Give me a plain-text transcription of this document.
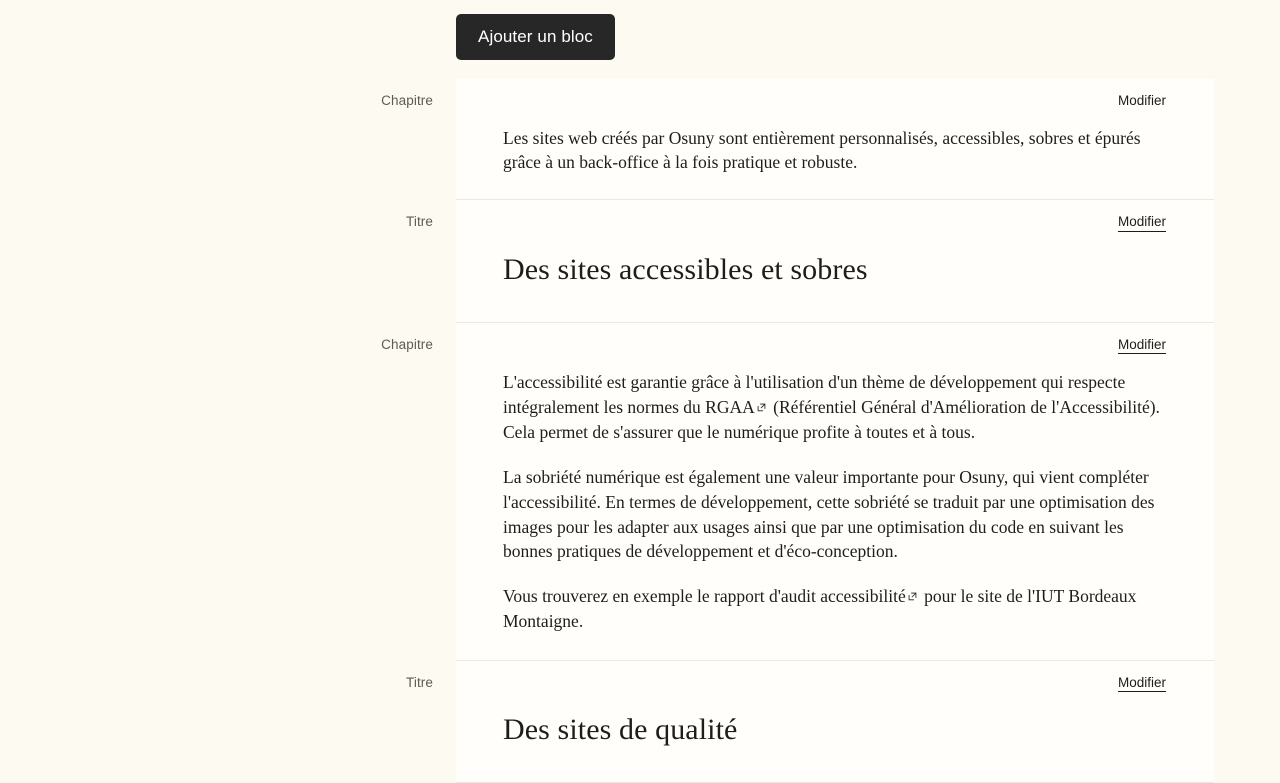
Ajouter un bloc
Chapitre	Modifier

Les sites web créés par Osuny sont entièrement personnalisés, accessibles, sobres et épurés grâce à un back-office à la fois pratique et robuste.

Titre	Modifier
Des sites accessibles et sobres
Chapitre	Modifier

L'accessibilité est garantie grâce à l'utilisation d'un thème de développement qui respecte intégralement les normes du RGAA
(Référentiel Général d'Amélioration de l'Accessibilité). Cela permet de s'assurer que le numérique profite à toutes et à tous.

La sobriété numérique est également une valeur importante pour Osuny, qui vient compléter l'accessibilité. En termes de développement, cette sobriété se traduit par une optimisation des images pour les adapter aux usages ainsi que par une optimisation du code en suivant les bonnes pratiques de développement et d'éco-conception.

Vous trouverez en exemple le rapport d'audit accessibilité
pour le site de l'IUT Bordeaux Montaigne.

Titre	Modifier
Des sites de qualité
